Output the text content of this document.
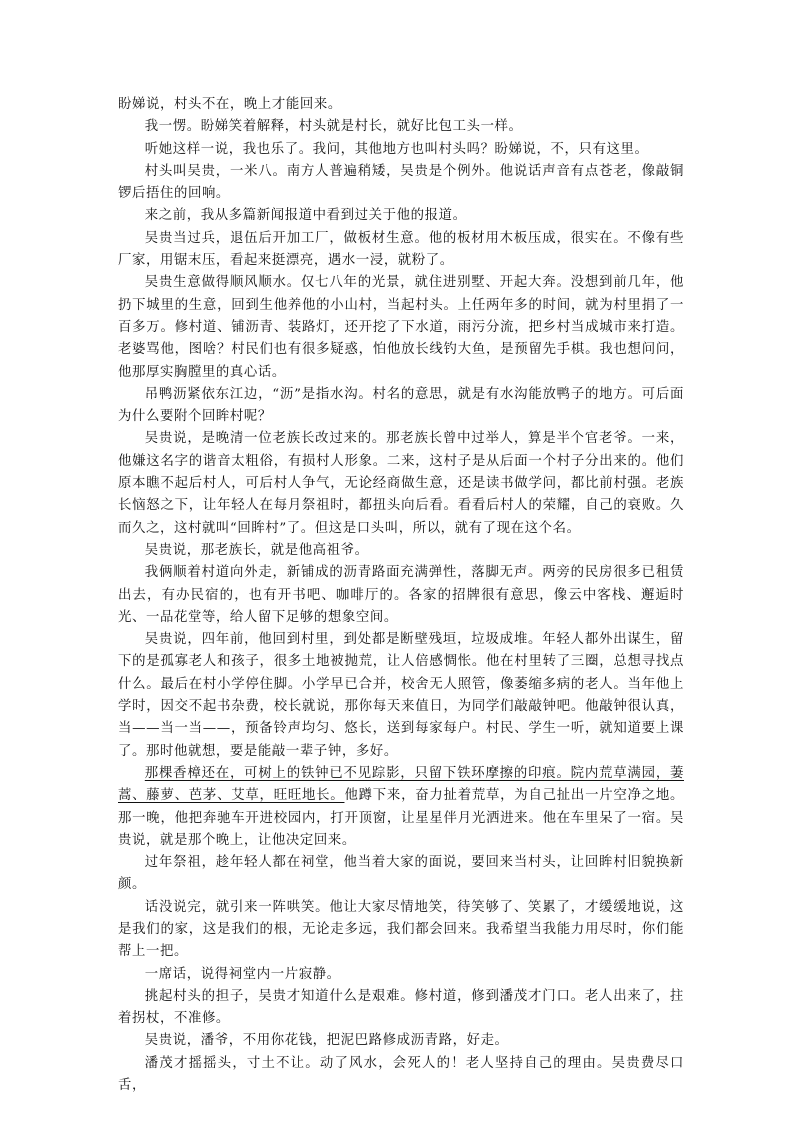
盼娣说，村头不在，晚上才能回来。

我一愣。盼娣笑着解释，村头就是村长，就好比包工头一样。

听她这样一说，我也乐了。我问，其他地方也叫村头吗？盼娣说，不，只有这里。

村头叫吴贵，一米八。南方人普遍稍矮，吴贵是个例外。他说话声音有点苍老，像敲铜锣后捂住的回响。

来之前，我从多篇新闻报道中看到过关于他的报道。

吴贵当过兵，退伍后开加工厂，做板材生意。他的板材用木板压成，很实在。不像有些厂家，用锯末压，看起来挺漂亮，遇水一浸，就粉了。

吴贵生意做得顺风顺水。仅七八年的光景，就住进别墅、开起大奔。没想到前几年，他扔下城里的生意，回到生他养他的小山村，当起村头。上任两年多的时间，就为村里捐了一百多万。修村道、铺沥青、装路灯，还开挖了下水道，雨污分流，把乡村当成城市来打造。老婆骂他，图啥？村民们也有很多疑惑，怕他放长线钓大鱼，是预留先手棋。我也想问问，他那厚实胸膛里的真心话。

吊鸭沥紧依东江边，“沥”是指水沟。村名的意思，就是有水沟能放鸭子的地方。可后面为什么要附个回眸村呢？

吴贵说，是晚清一位老族长改过来的。那老族长曾中过举人，算是半个官老爷。一来，他嫌这名字的谐音太粗俗，有损村人形象。二来，这村子是从后面一个村子分出来的。他们原本瞧不起后村人，可后村人争气，无论经商做生意，还是读书做学问，都比前村强。老族长恼怒之下，让年轻人在每月祭祖时，都扭头向后看。看看后村人的荣耀，自己的衰败。久而久之，这村就叫“回眸村”了。但这是口头叫，所以，就有了现在这个名。

吴贵说，那老族长，就是他高祖爷。

我俩顺着村道向外走，新铺成的沥青路面充满弹性，落脚无声。两旁的民房很多已租赁出去，有办民宿的，也有开书吧、咖啡厅的。各家的招牌很有意思，像云中客栈、邂逅时光、一品花堂等，给人留下足够的想象空间。

吴贵说，四年前，他回到村里，到处都是断壁残垣，垃圾成堆。年轻人都外出谋生，留下的是孤寡老人和孩子，很多土地被抛荒，让人倍感惆怅。他在村里转了三圈，总想寻找点什么。最后在村小学停住脚。小学早已合并，校舍无人照管，像萎缩多病的老人。当年他上学时，因交不起书杂费，校长就说，那你每天来值日，为同学们敲敲钟吧。他敲钟很认真，当——当一当——，预备铃声均匀、悠长，送到每家每户。村民、学生一听，就知道要上课了。那时他就想，要是能敲一辈子钟，多好。

那棵香樟还在，可树上的铁钟已不见踪影，只留下铁环摩擦的印痕。院内荒草满园，萋蒿、藤萝、芭茅、艾草，旺旺地长。他蹲下来，奋力扯着荒草，为自己扯出一片空净之地。那一晚，他把奔驰车开进校园内，打开顶窗，让星星伴月光洒进来。他在车里呆了一宿。吴贵说，就是那个晚上，让他决定回来。

过年祭祖，趁年轻人都在祠堂，他当着大家的面说，要回来当村头，让回眸村旧貌换新颜。

话没说完，就引来一阵哄笑。他让大家尽情地笑，待笑够了、笑累了，才缓缓地说，这是我们的家，这是我们的根，无论走多远，我们都会回来。我希望当我能力用尽时，你们能帮上一把。

一席话，说得祠堂内一片寂静。

挑起村头的担子，吴贵才知道什么是艰难。修村道，修到潘茂才门口。老人出来了，拄着拐杖，不准修。

吴贵说，潘爷，不用你花钱，把泥巴路修成沥青路，好走。

潘茂才摇摇头，寸土不让。动了风水，会死人的！老人坚持自己的理由。吴贵费尽口舌，
